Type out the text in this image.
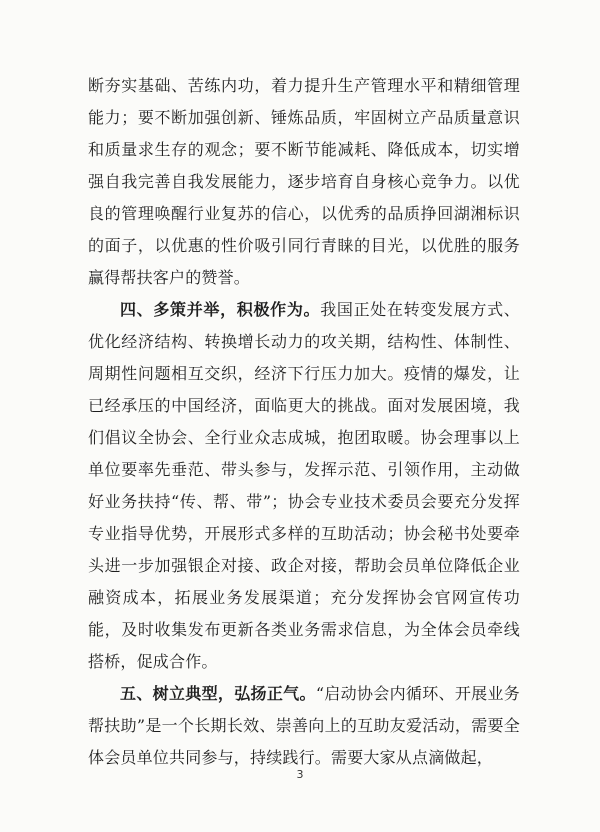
断夯实基础、苦练内功，着力提升生产管理水平和精细管理能力；要不断加强创新、锤炼品质，牢固树立产品质量意识和质量求生存的观念；要不断节能减耗、降低成本，切实增强自我完善自我发展能力，逐步培育自身核心竞争力。以优良的管理唤醒行业复苏的信心，以优秀的品质挣回湖湘标识的面子，以优惠的性价吸引同行青睐的目光，以优胜的服务赢得帮扶客户的赞誉。

四、多策并举，积极作为。我国正处在转变发展方式、优化经济结构、转换增长动力的攻关期，结构性、体制性、周期性问题相互交织，经济下行压力加大。疫情的爆发，让已经承压的中国经济，面临更大的挑战。面对发展困境，我们倡议全协会、全行业众志成城，抱团取暖。协会理事以上单位要率先垂范、带头参与，发挥示范、引领作用，主动做好业务扶持“传、帮、带”；协会专业技术委员会要充分发挥专业指导优势，开展形式多样的互助活动；协会秘书处要牵头进一步加强银企对接、政企对接，帮助会员单位降低企业融资成本，拓展业务发展渠道；充分发挥协会官网宣传功能，及时收集发布更新各类业务需求信息，为全体会员牵线搭桥，促成合作。

五、树立典型，弘扬正气。“启动协会内循环、开展业务帮扶助”是一个长期长效、崇善向上的互助友爱活动，需要全体会员单位共同参与，持续践行。需要大家从点滴做起，

3
